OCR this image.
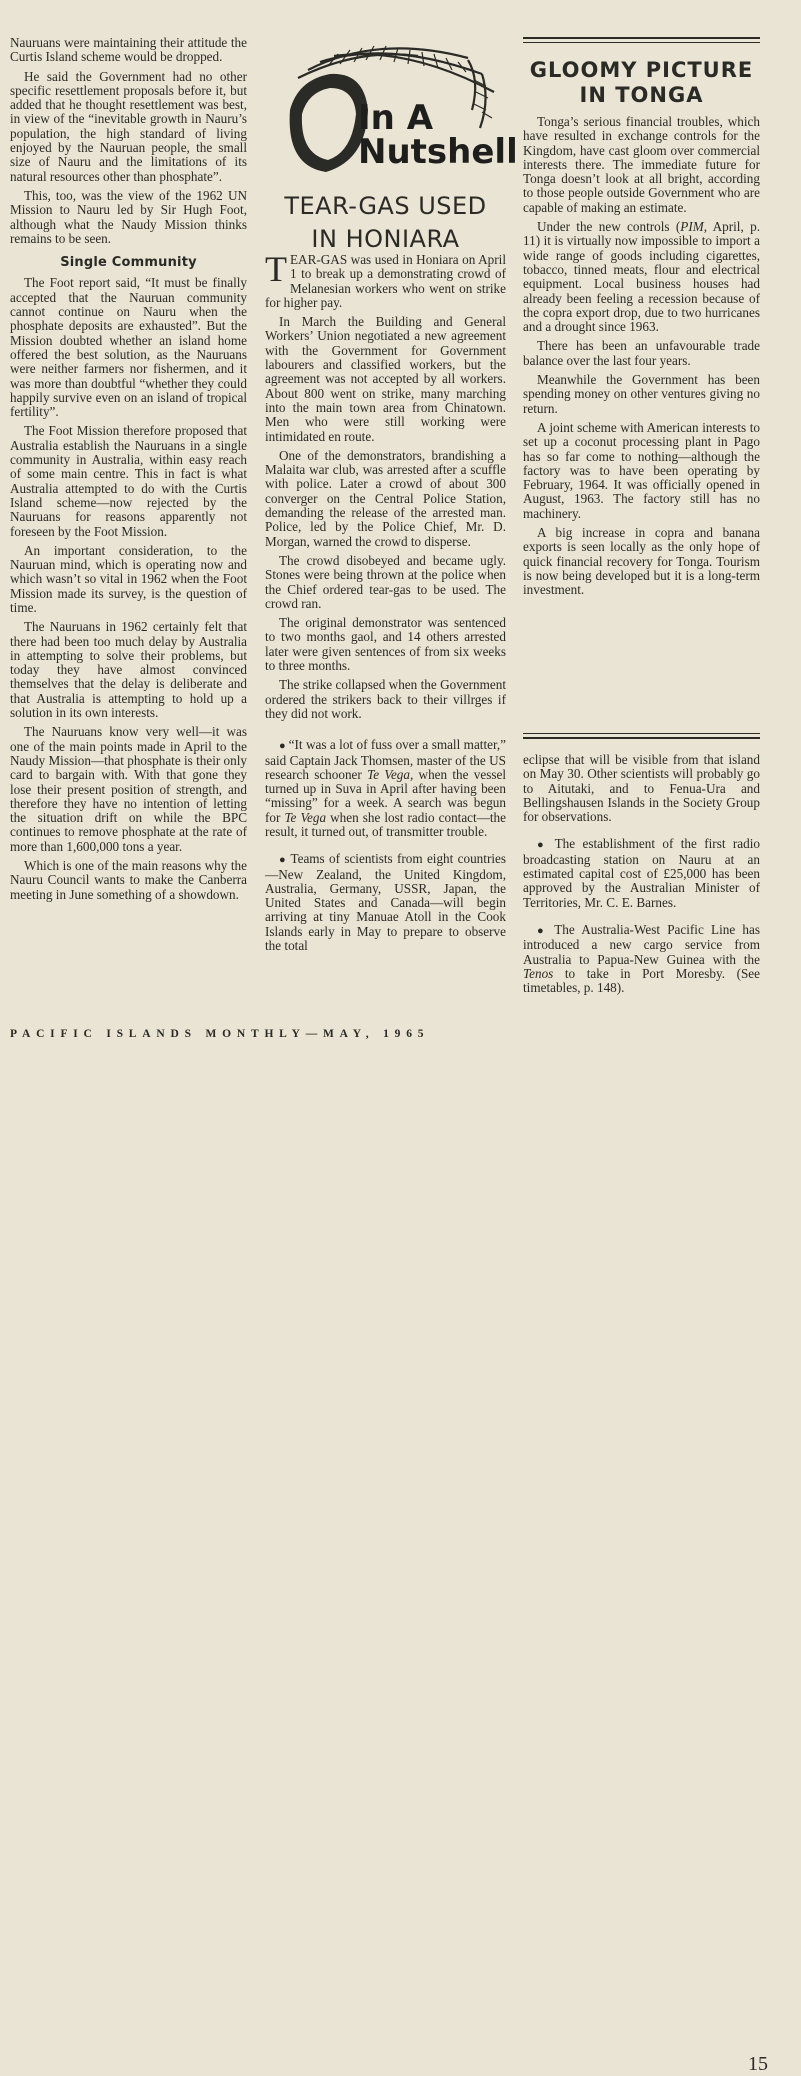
Nauruans were maintaining their attitude the Curtis Island scheme would be dropped.

He said the Government had no other specific resettlement proposals before it, but added that he thought resettlement was best, in view of the “inevitable growth in Nauru’s population, the high standard of living enjoyed by the Nauruan people, the small size of Nauru and the limitations of its natural resources other than phosphate”.

This, too, was the view of the 1962 UN Mission to Nauru led by Sir Hugh Foot, although what the Naudy Mission thinks remains to be seen.

Single Community

The Foot report said, “It must be finally accepted that the Nauruan community cannot continue on Nauru when the phosphate deposits are exhausted”. But the Mission doubted whether an island home offered the best solution, as the Nauruans were neither farmers nor fishermen, and it was more than doubtful “whether they could happily survive even on an island of tropical fertility”.

The Foot Mission therefore proposed that Australia establish the Nauruans in a single community in Australia, within easy reach of some main centre. This in fact is what Australia attempted to do with the Curtis Island scheme—now rejected by the Nauruans for reasons apparently not foreseen by the Foot Mission.

An important consideration, to the Nauruan mind, which is operating now and which wasn’t so vital in 1962 when the Foot Mission made its survey, is the question of time.

The Nauruans in 1962 certainly felt that there had been too much delay by Australia in attempting to solve their problems, but today they have almost convinced themselves that the delay is deliberate and that Australia is attempting to hold up a solution in its own interests.

The Nauruans know very well—it was one of the main points made in April to the Naudy Mission—that phosphate is their only card to bargain with. With that gone they lose their present position of strength, and therefore they have no intention of letting the situation drift on while the BPC continues to remove phosphate at the rate of more than 1,600,000 tons a year.

Which is one of the main reasons why the Nauru Council wants to make the Canberra meeting in June something of a showdown.

In A
Nutshell
TEAR-GAS USED
IN HONIARA

TEAR-GAS was used in Honiara on April 1 to break up a demonstrating crowd of Melanesian workers who went on strike for higher pay.

In March the Building and General Workers’ Union negotiated a new agreement with the Government for Government labourers and classified workers, but the agreement was not accepted by all workers. About 800 went on strike, many marching into the main town area from Chinatown. Men who were still working were intimidated en route.

One of the demonstrators, brandishing a Malaita war club, was arrested after a scuffle with police. Later a crowd of about 300 converger on the Central Police Station, demanding the release of the arrested man. Police, led by the Police Chief, Mr. D. Morgan, warned the crowd to disperse.

The crowd disobeyed and became ugly. Stones were being thrown at the police when the Chief ordered tear-gas to be used. The crowd ran.

The original demonstrator was sentenced to two months gaol, and 14 others arrested later were given sentences of from six weeks to three months.

The strike collapsed when the Government ordered the strikers back to their villrges if they did not work.

● “It was a lot of fuss over a small matter,” said Captain Jack Thomsen, master of the US research schooner Te Vega, when the vessel turned up in Suva in April after having been “missing” for a week. A search was begun for Te Vega when she lost radio contact—the result, it turned out, of transmitter trouble.

● Teams of scientists from eight countries—New Zealand, the United Kingdom, Australia, Germany, USSR, Japan, the United States and Canada—will begin arriving at tiny Manuae Atoll in the Cook Islands early in May to prepare to observe the total

GLOOMY PICTURE
IN TONGA

Tonga’s serious financial troubles, which have resulted in exchange controls for the Kingdom, have cast gloom over commercial interests there. The immediate future for Tonga doesn’t look at all bright, according to those people outside Government who are capable of making an estimate.

Under the new controls (PIM, April, p. 11) it is virtually now impossible to import a wide range of goods including cigarettes, tobacco, tinned meats, flour and electrical equipment. Local business houses had already been feeling a recession because of the copra export drop, due to two hurricanes and a drought since 1963.

There has been an unfavourable trade balance over the last four years.

Meanwhile the Government has been spending money on other ventures giving no return.

A joint scheme with American interests to set up a coconut processing plant in Pago has so far come to nothing—although the factory was to have been operating by February, 1964. It was officially opened in August, 1963. The factory still has no machinery.

A big increase in copra and banana exports is seen locally as the only hope of quick financial recovery for Tonga. Tourism is now being developed but it is a long-term investment.

eclipse that will be visible from that island on May 30. Other scientists will probably go to Aitutaki, and to Fenua-Ura and Bellingshausen Islands in the Society Group for observations.

● The establishment of the first radio broadcasting station on Nauru at an estimated capital cost of £25,000 has been approved by the Australian Minister of Territories, Mr. C. E. Barnes.

● The Australia-West Pacific Line has introduced a new cargo service from Australia to Papua-New Guinea with the Tenos to take in Port Moresby. (See timetables, p. 148).

PACIFIC ISLANDS MONTHLY—MAY, 1965
15
